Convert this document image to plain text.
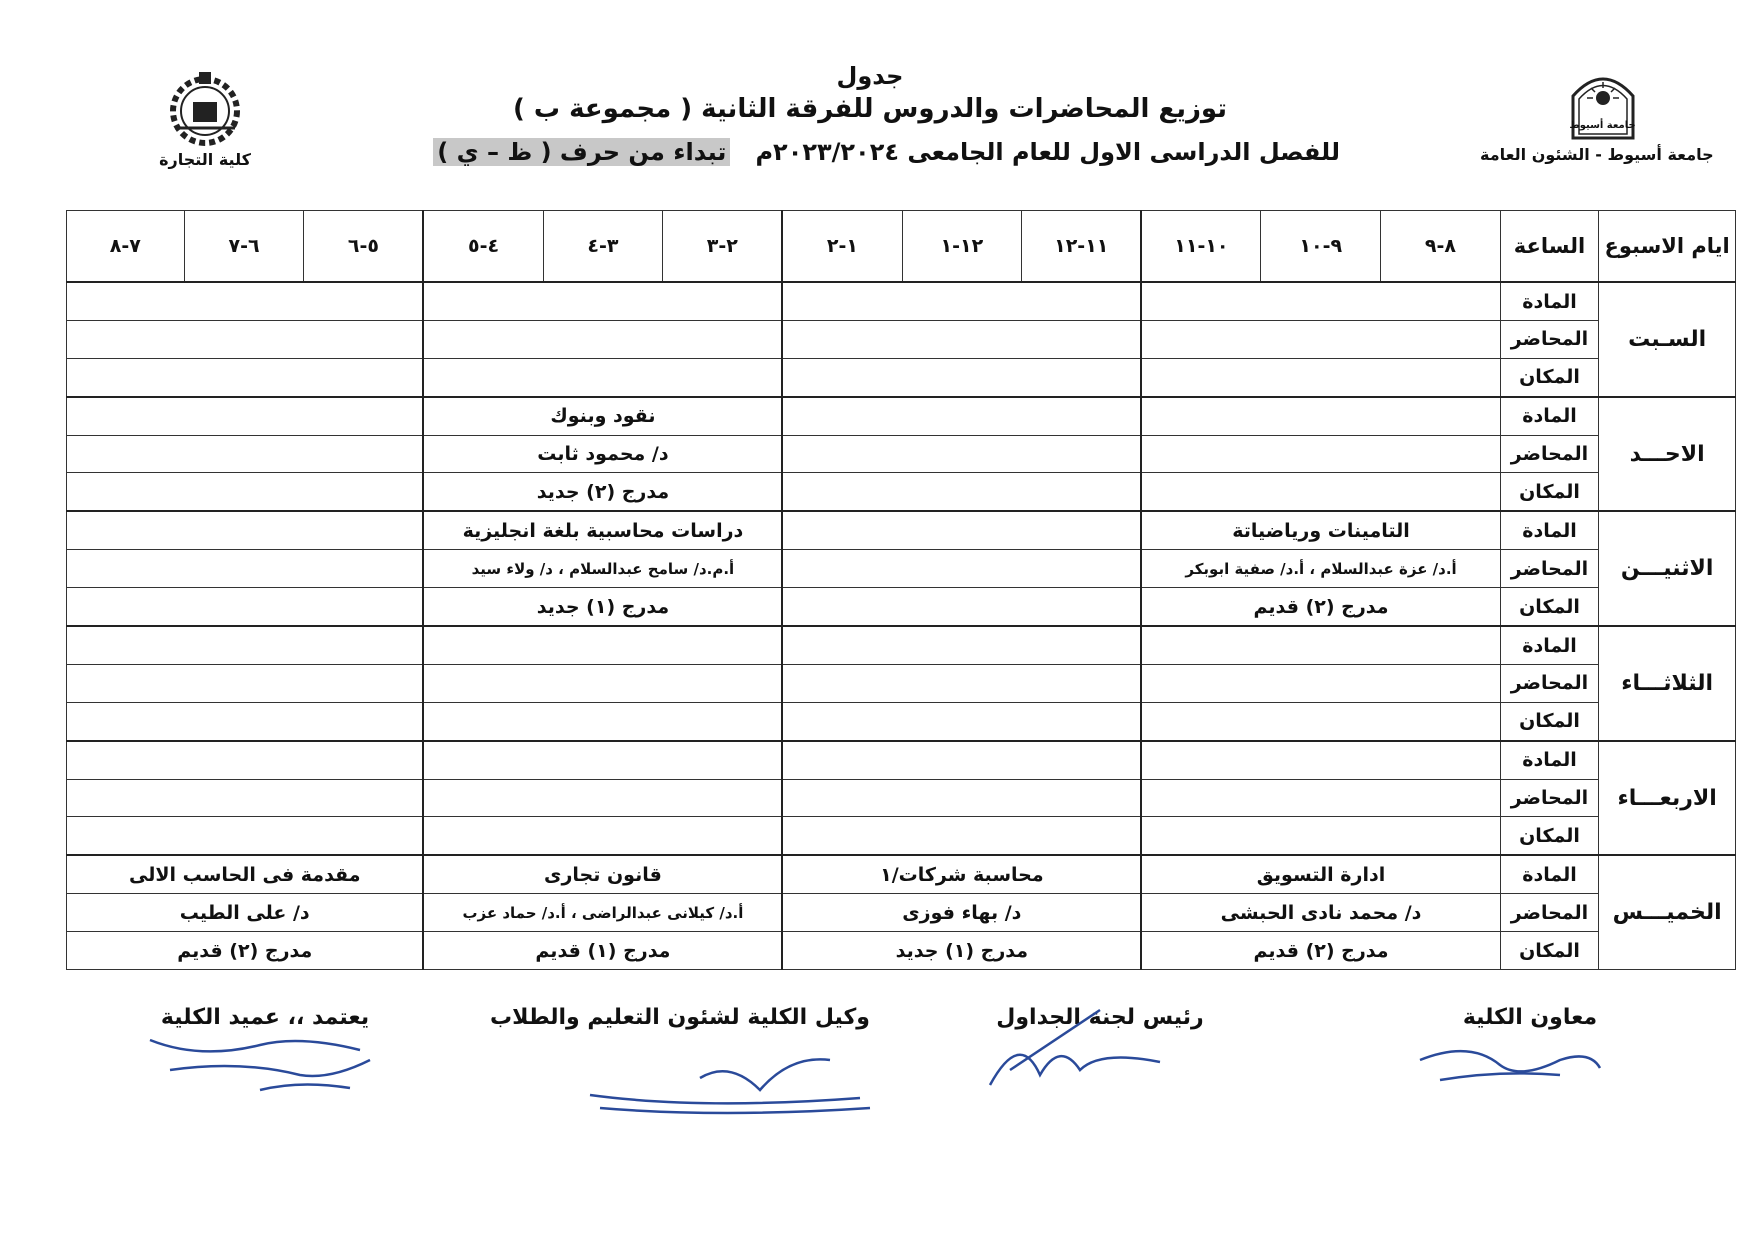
جدول
توزيع المحاضرات والدروس للفرقة الثانية ( مجموعة ب )
للفصل الدراسى الاول للعام الجامعى ٢٠٢٣/٢٠٢٤م   تبداء من حرف ( ظ – ي )
جامعة أسيوط
جامعة أسيوط - الشئون العامة
كلية التجارة
ايام الاسبوع	الساعة	٨-٩	٩-١٠	١٠-١١	١١-١٢	١٢-١	١-٢	٢-٣	٣-٤	٤-٥	٥-٦	٦-٧	٧-٨
السـبت	المادة												
	المحاضر												
	المكان												
الاحـــد	المادة							نقود وبنوك					
	المحاضر							د/ محمود ثابت					
	المكان							مدرج (٢) جديد					
الاثنيـــن	المادة	التامينات ورياضياتة						دراسات محاسبية بلغة انجليزية					
	المحاضر	أ.د/ عزة عبدالسلام ، أ.د/ صفية ابوبكر						أ.م.د/ سامح عبدالسلام ، د/ ولاء سيد					
	المكان	مدرج (٢) قديم						مدرج (١) جديد					
الثلاثـــاء	المادة												
	المحاضر												
	المكان												
الاربعـــاء	المادة												
	المحاضر												
	المكان												
الخميـــس	المادة	ادارة التسويق			محاسبة شركات/١			قانون تجارى			مقدمة فى الحاسب الالى		
	المحاضر	د/ محمد نادى الحبشى			د/ بهاء فوزى			أ.د/ كيلانى عبدالراضى ، أ.د/ حماد عزب			د/ على الطيب		
	المكان	مدرج (٢) قديم			مدرج (١) جديد			مدرج (١) قديم			مدرج (٢) قديم		
معاون الكلية
رئيس لجنة الجداول
وكيل الكلية لشئون التعليم والطلاب
يعتمد ،، عميد الكلية
